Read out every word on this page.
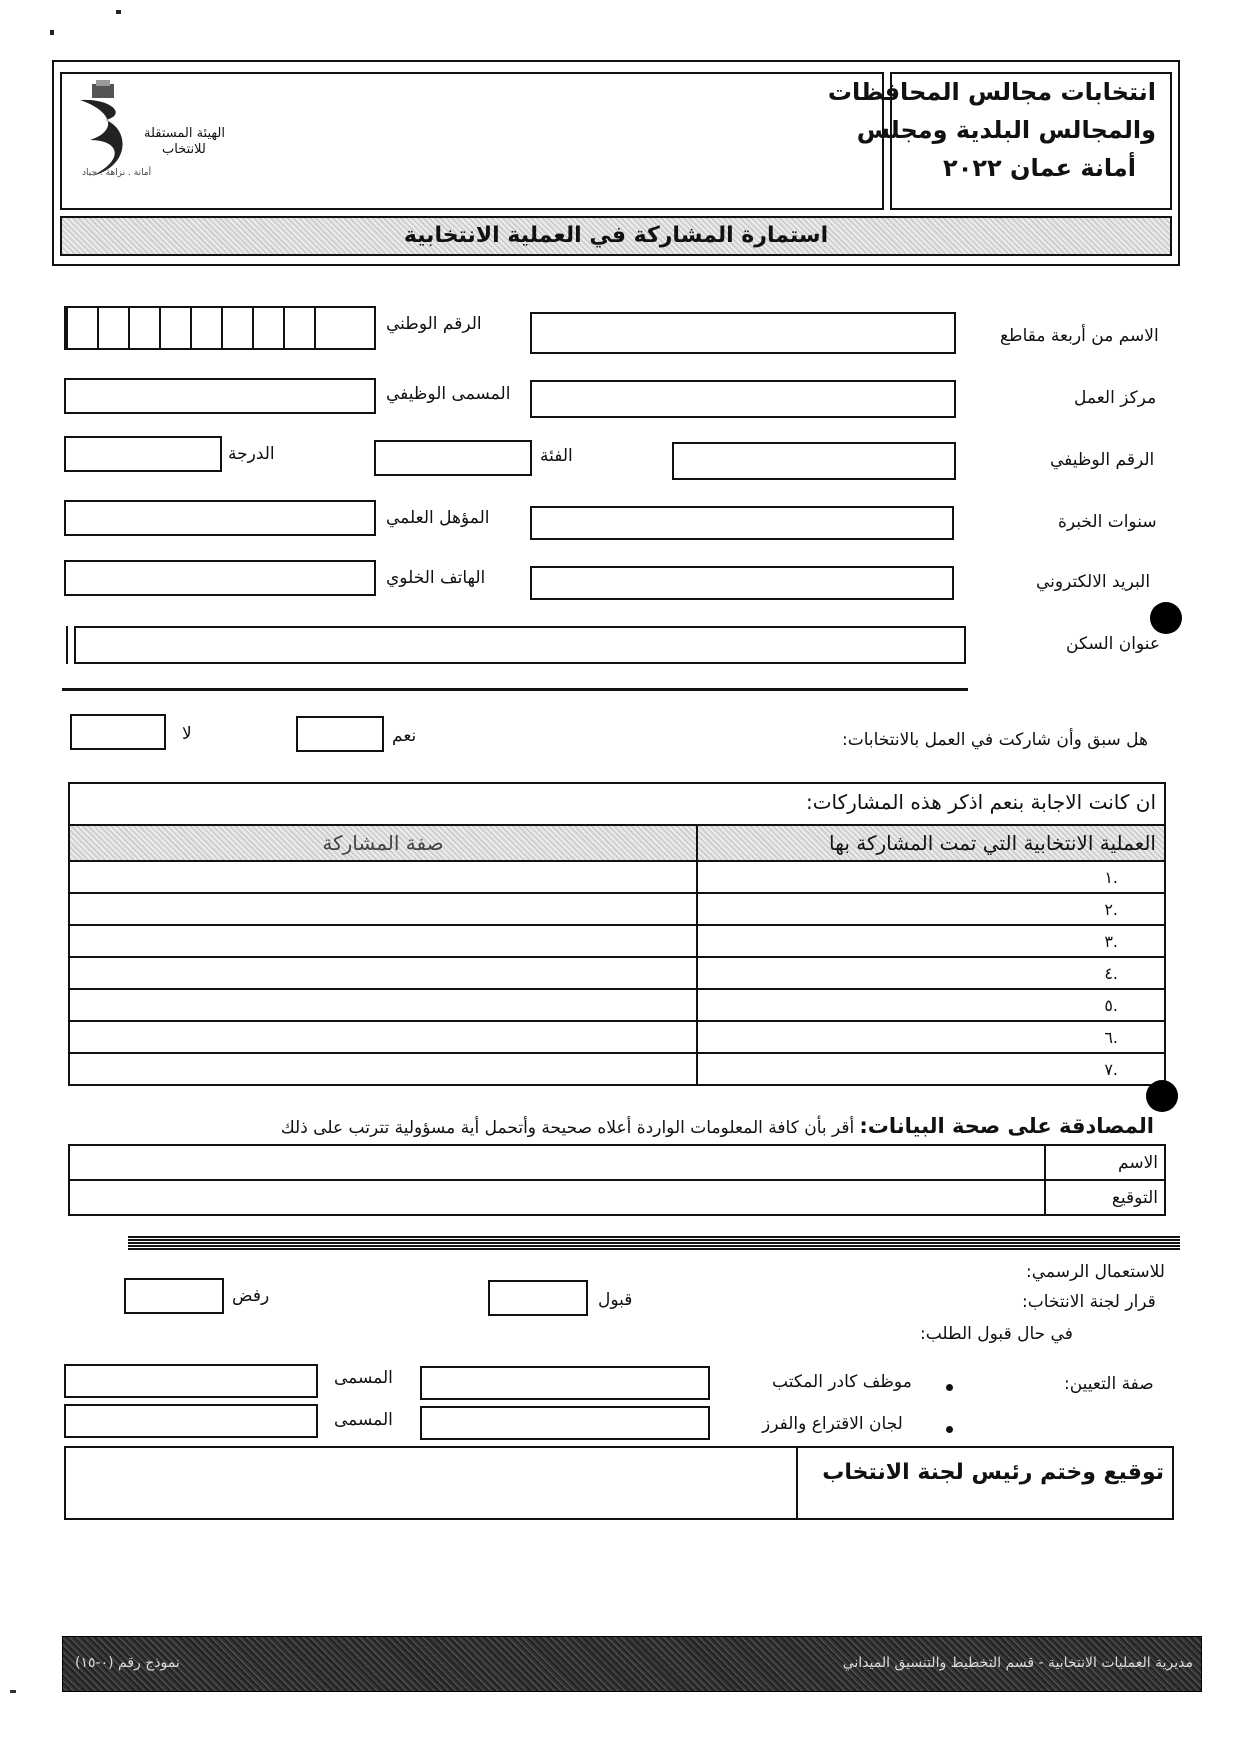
الهيئة المستقلة
للانتخاب
أمانة . نزاهة . حياد
انتخابات مجالس المحافظات
والمجالس البلدية ومجلس
أمانة عمان ٢٠٢٢
استمارة المشاركة في العملية الانتخابية
الاسم من أربعة مقاطع
الرقم الوطني
مركز العمل
المسمى الوظيفي
الرقم الوظيفي
الفئة
الدرجة
سنوات الخبرة
المؤهل العلمي
البريد الالكتروني
الهاتف الخلوي
عنوان السكن
هل سبق وأن شاركت في العمل بالانتخابات:
نعم
لا
ان كانت الاجابة بنعم اذكر هذه المشاركات:
صفة المشاركة	العملية الانتخابية التي تمت المشاركة بها
	.١
	.٢
	.٣
	.٤
	.٥
	.٦
	.٧
المصادقة على صحة البيانات: أقر بأن كافة المعلومات الواردة أعلاه صحيحة وأتحمل أية مسؤولية تترتب على ذلك
	الاسم
	التوقيع
للاستعمال الرسمي:
قرار لجنة الانتخاب:
قبول
رفض
في حال قبول الطلب:
صفة التعيين:
موظف كادر المكتب
لجان الاقتراع والفرز
المسمى
المسمى
توقيع وختم رئيس لجنة الانتخاب
مديرية العمليات الانتخابية - قسم التخطيط والتنسيق الميداني
نموذج رقم (٠-١٥)
